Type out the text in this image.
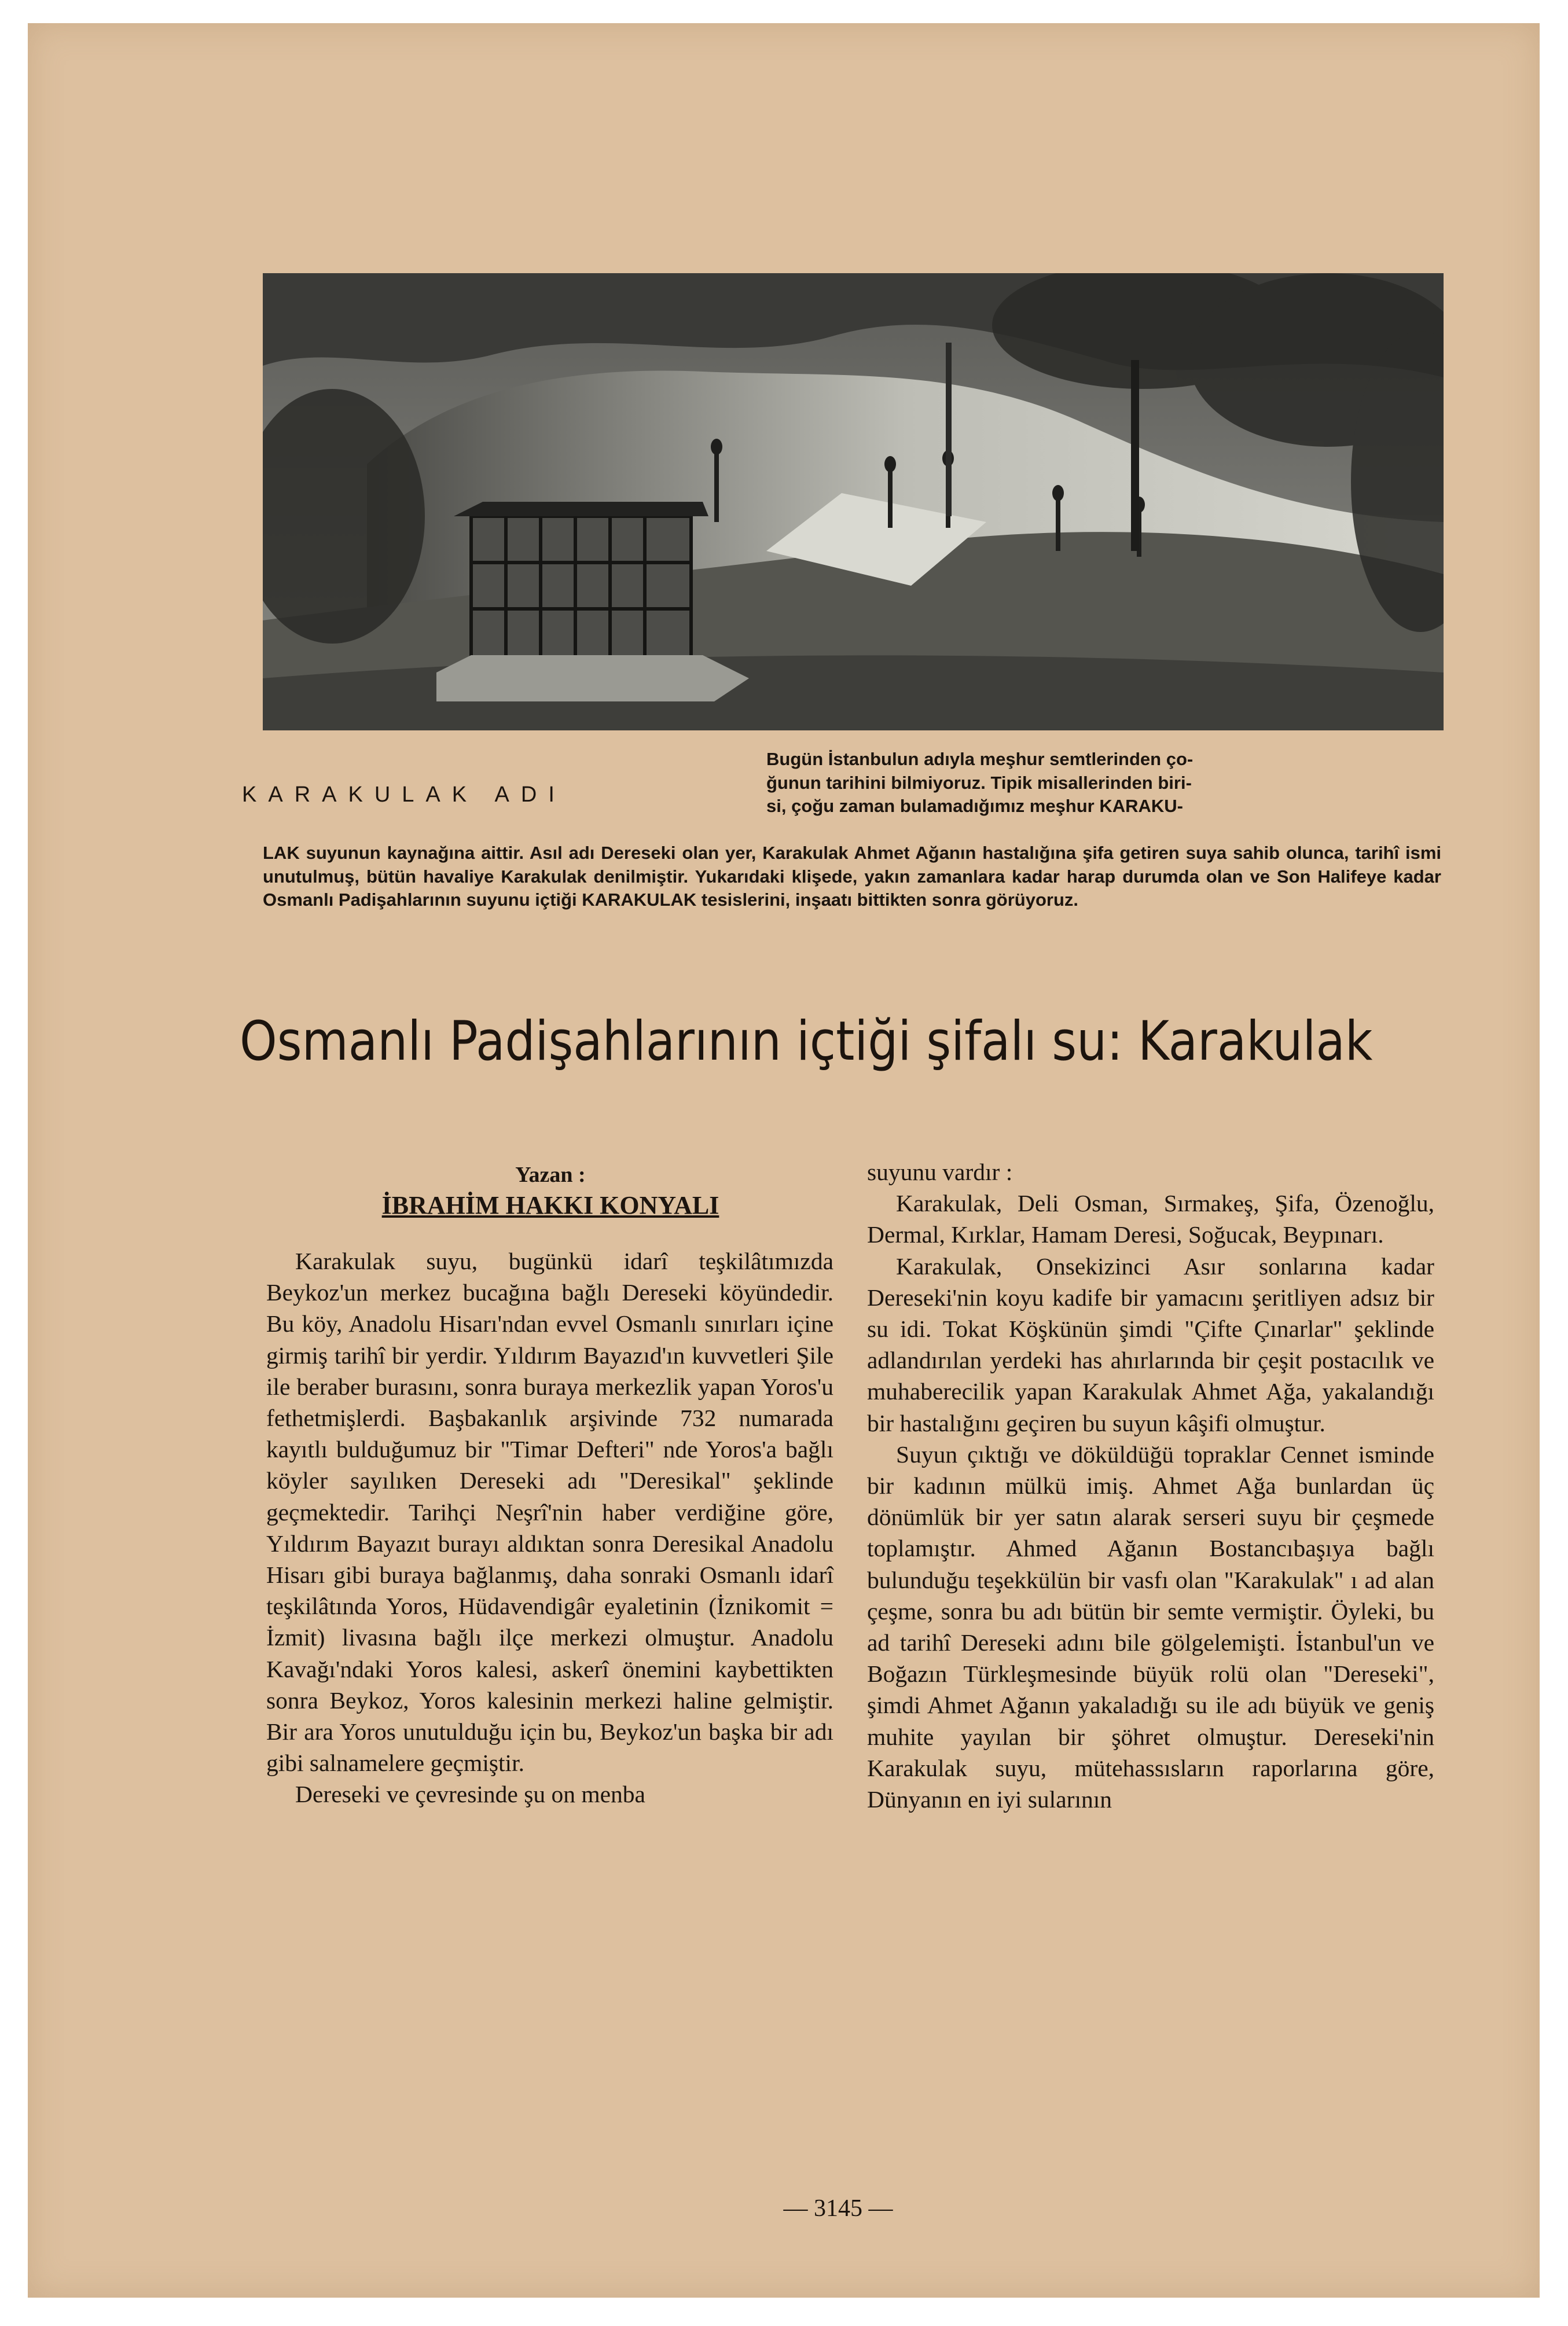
KARAKULAK ADI

Bugün İstanbulun adıyla meşhur semtlerinden ço-

ğunun tarihini bilmiyoruz. Tipik misallerinden biri-

si, çoğu zaman bulamadığımız meşhur KARAKU-

LAK suyunun kaynağına aittir. Asıl adı Dereseki olan yer, Karakulak Ahmet Ağanın hastalığına şifa getiren suya sahib olunca, tarihî ismi unutulmuş, bütün havaliye Karakulak denilmiştir. Yukarıdaki klişede, yakın zamanlara kadar harap durumda olan ve Son Halifeye kadar Osmanlı Padişahlarının suyunu içtiği KARAKULAK tesislerini, inşaatı bittikten sonra görüyoruz.

Osmanlı Padişahlarının içtiği şifalı su: Karakulak
Yazan :
İBRAHİM HAKKI KONYALI

Karakulak suyu, bugünkü idarî teşkilâtımızda Beykoz'un merkez bucağına bağlı Dereseki köyündedir. Bu köy, Anadolu Hisarı'ndan evvel Osmanlı sınırları içine girmiş tarihî bir yerdir. Yıldırım Bayazıd'ın kuvvetleri Şile ile beraber burasını, sonra buraya merkezlik yapan Yoros'u fethetmişlerdi. Başbakanlık arşivinde 732 numarada kayıtlı bulduğumuz bir "Timar Defteri" nde Yoros'a bağlı köyler sayılıken Dereseki adı "Deresikal" şeklinde geçmektedir. Tarihçi Neşrî'nin haber verdiğine göre, Yıldırım Bayazıt burayı aldıktan sonra Deresikal Anadolu Hisarı gibi buraya bağlanmış, daha sonraki Osmanlı idarî teşkilâtında Yoros, Hüdavendigâr eyaletinin (İznikomit = İzmit) livasına bağlı ilçe merkezi olmuştur. Anadolu Kavağı'ndaki Yoros kalesi, askerî önemini kaybettikten sonra Beykoz, Yoros kalesinin merkezi haline gelmiştir. Bir ara Yoros unutulduğu için bu, Beykoz'un başka bir adı gibi salnamelere geçmiştir.

Dereseki ve çevresinde şu on menba

suyunu vardır :

Karakulak, Deli Osman, Sırmakeş, Şifa, Özenoğlu, Dermal, Kırklar, Hamam Deresi, Soğucak, Beypınarı.

Karakulak, Onsekizinci Asır sonlarına kadar Dereseki'nin koyu kadife bir yamacını şeritliyen adsız bir su idi. Tokat Köşkünün şimdi "Çifte Çınarlar" şeklinde adlandırılan yerdeki has ahırlarında bir çeşit postacılık ve muhaberecilik yapan Karakulak Ahmet Ağa, yakalandığı bir hastalığını geçiren bu suyun kâşifi olmuştur.

Suyun çıktığı ve döküldüğü topraklar Cennet isminde bir kadının mülkü imiş. Ahmet Ağa bunlardan üç dönümlük bir yer satın alarak serseri suyu bir çeşmede toplamıştır. Ahmed Ağanın Bostancıbaşıya bağlı bulunduğu teşekkülün bir vasfı olan "Karakulak" ı ad alan çeşme, sonra bu adı bütün bir semte vermiştir. Öyleki, bu ad tarihî Dereseki adını bile gölgelemişti. İstanbul'un ve Boğazın Türkleşmesinde büyük rolü olan "Dereseki", şimdi Ahmet Ağanın yakaladığı su ile adı büyük ve geniş muhite yayılan bir şöhret olmuştur. Dereseki'nin Karakulak suyu, mütehassısların raporlarına göre, Dünyanın en iyi sularının

— 3145 —
